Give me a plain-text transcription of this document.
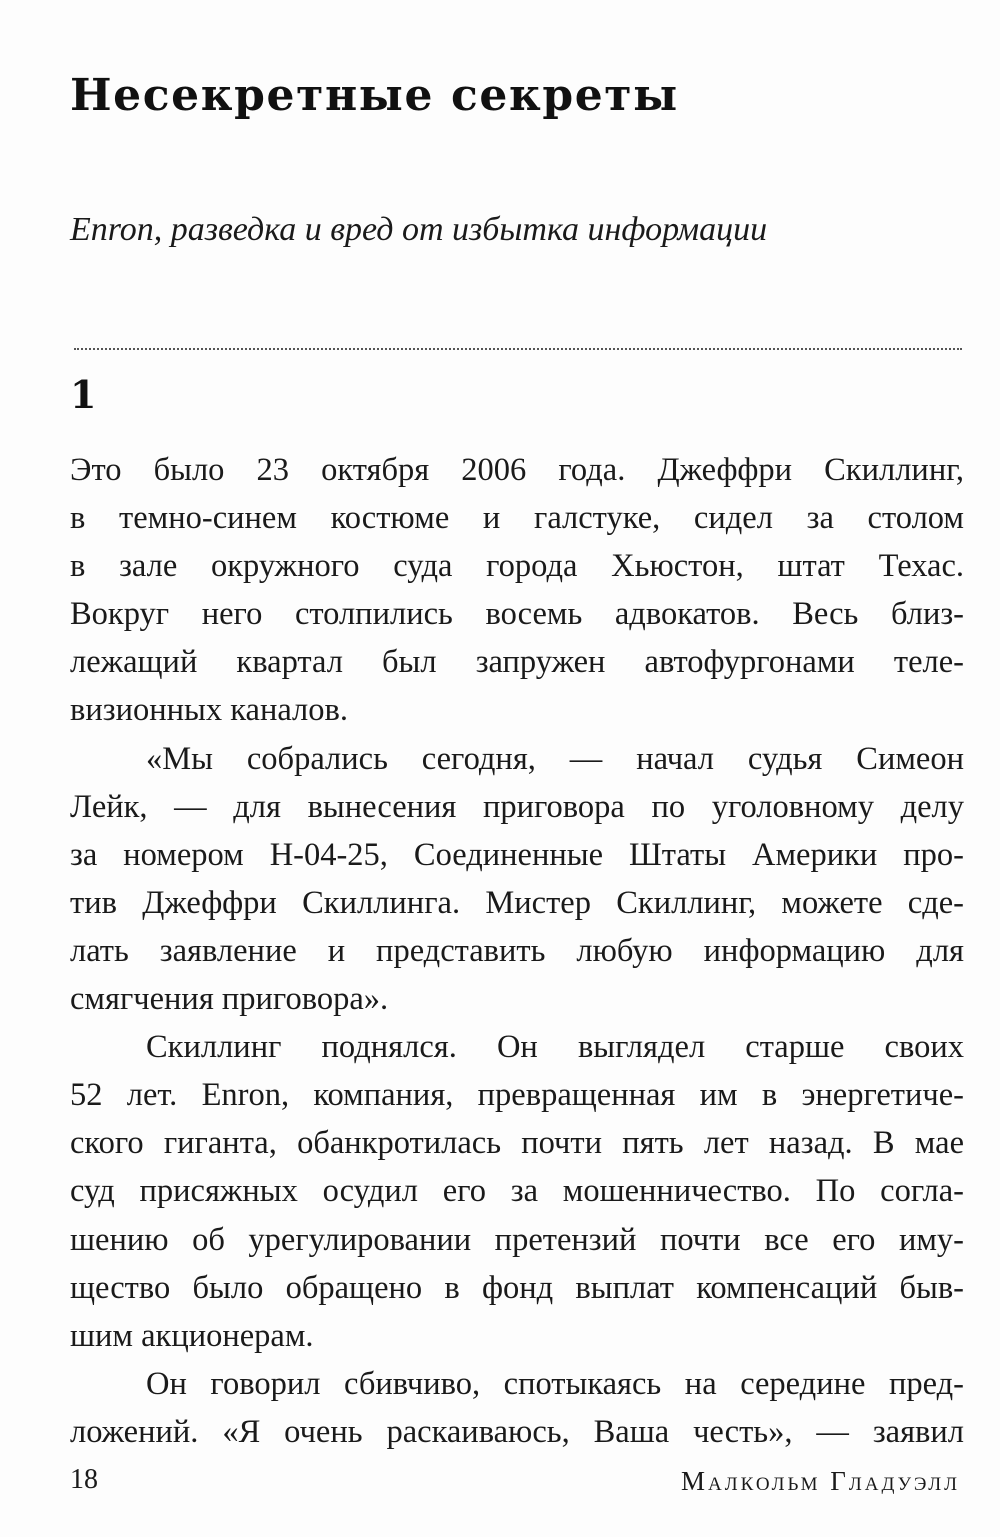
Несекретные секреты

Enron, разведка и вред от избытка информации

1
Это было 23 октября 2006 года. Джеффри Скиллинг,
в темно-синем костюме и галстуке, сидел за столом
в зале окружного суда города Хьюстон, штат Техас.
Вокруг него столпились восемь адвокатов. Весь близ-
лежащий квартал был запружен автофургонами теле-
визионных каналов.
«Мы собрались сегодня, — начал судья Симеон
Лейк, — для вынесения приговора по уголовному делу
за номером Н-04-25, Соединенные Штаты Америки про-
тив Джеффри Скиллинга. Мистер Скиллинг, можете сде-
лать заявление и представить любую информацию для
смягчения приговора».
Скиллинг поднялся. Он выглядел старше своих
52 лет. Enron, компания, превращенная им в энергетиче-
ского гиганта, обанкротилась почти пять лет назад. В мае
суд присяжных осудил его за мошенничество. По согла-
шению об урегулировании претензий почти все его иму-
щество было обращено в фонд выплат компенсаций быв-
шим акционерам.
Он говорил сбивчиво, спотыкаясь на середине пред-
ложений. «Я очень раскаиваюсь, Ваша честь», — заявил

18	Малкольм Гладуэлл
